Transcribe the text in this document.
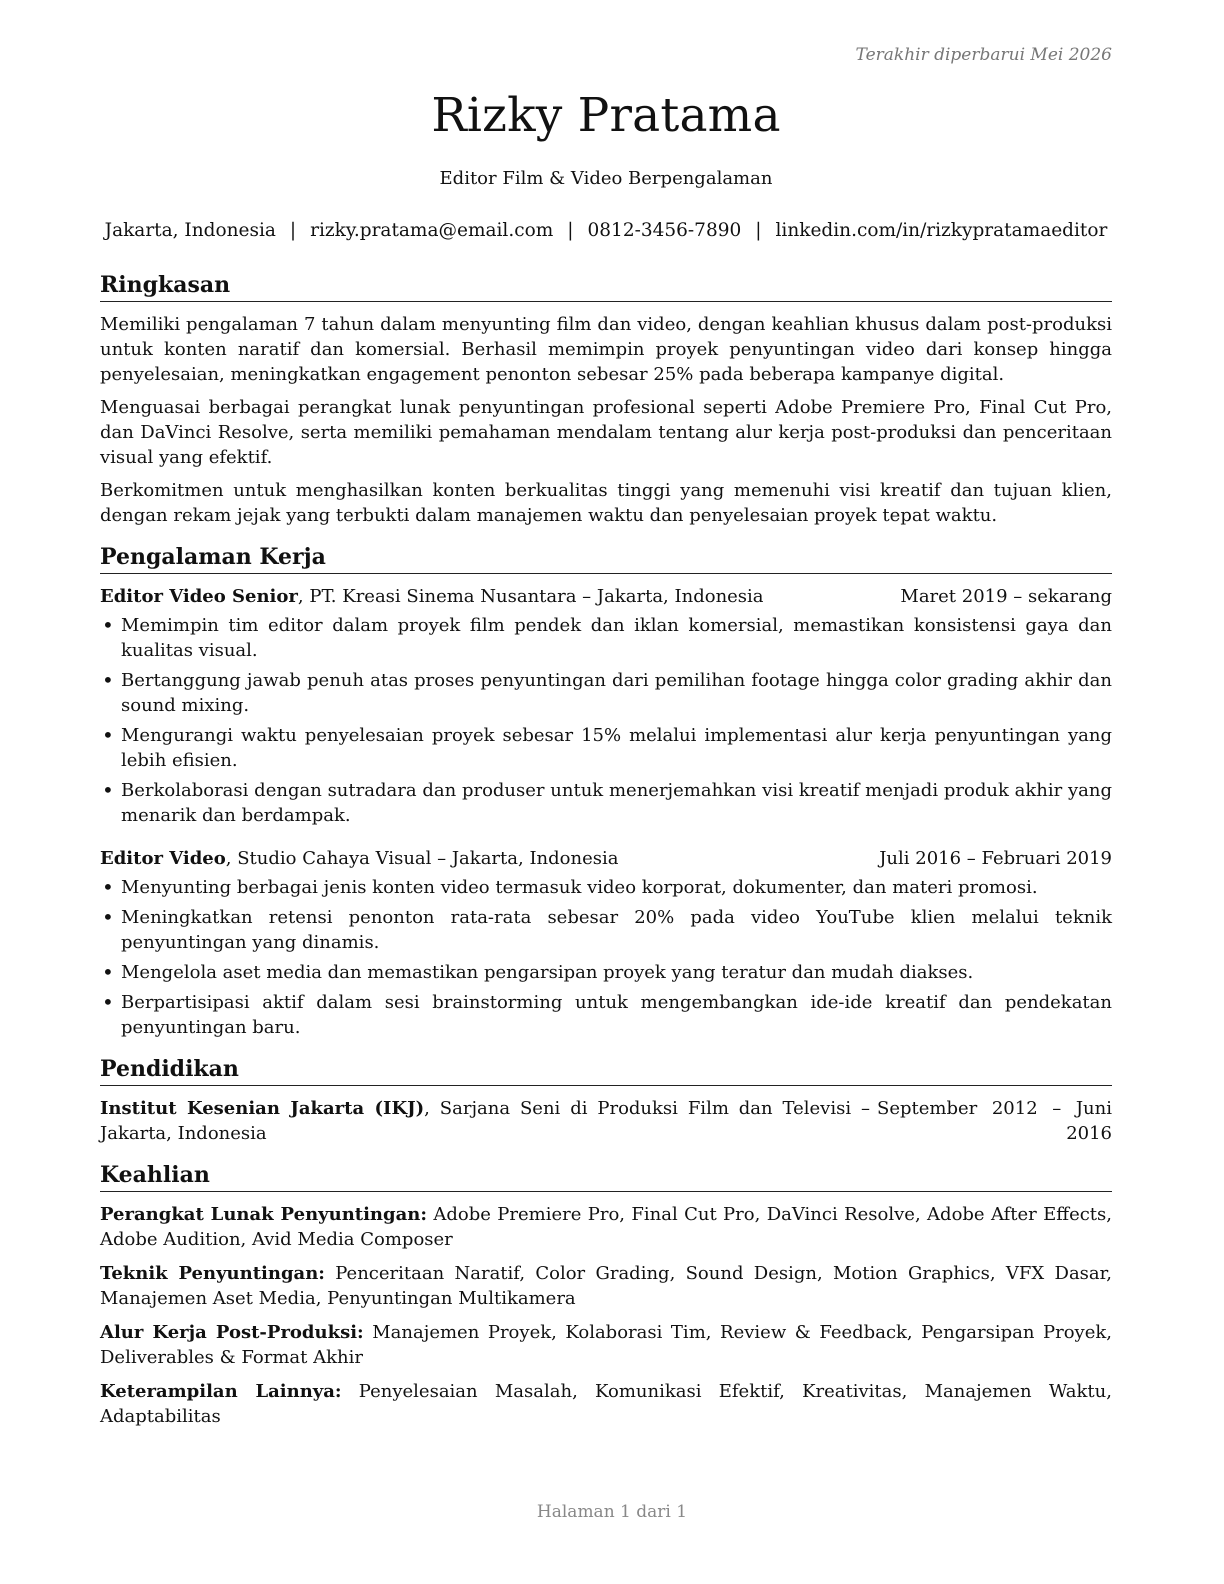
Terakhir diperbarui Mei 2026
Rizky Pratama
Editor Film & Video Berpengalaman
Jakarta, Indonesia | rizky.pratama@email.com | 0812-3456-7890 | linkedin.com/in/rizkypratamaeditor
Ringkasan

Memiliki pengalaman 7 tahun dalam menyunting film dan video, dengan keahlian khusus dalam post-produksi untuk konten naratif dan komersial. Berhasil memimpin proyek penyuntingan video dari konsep hingga penyelesaian, meningkatkan engagement penonton sebesar 25% pada beberapa kampanye digital.

Menguasai berbagai perangkat lunak penyuntingan profesional seperti Adobe Premiere Pro, Final Cut Pro, dan DaVinci Resolve, serta memiliki pemahaman mendalam tentang alur kerja post-produksi dan penceritaan visual yang efektif.

Berkomitmen untuk menghasilkan konten berkualitas tinggi yang memenuhi visi kreatif dan tujuan klien, dengan rekam jejak yang terbukti dalam manajemen waktu dan penyelesaian proyek tepat waktu.

Pengalaman Kerja
Editor Video Senior, PT. Kreasi Sinema Nusantara – Jakarta, Indonesia	Maret 2019 – sekarang
• Memimpin tim editor dalam proyek film pendek dan iklan komersial, memastikan konsistensi gaya dan kualitas visual.
• Bertanggung jawab penuh atas proses penyuntingan dari pemilihan footage hingga color grading akhir dan sound mixing.
• Mengurangi waktu penyelesaian proyek sebesar 15% melalui implementasi alur kerja penyuntingan yang lebih efisien.
• Berkolaborasi dengan sutradara dan produser untuk menerjemahkan visi kreatif menjadi produk akhir yang menarik dan berdampak.
Editor Video, Studio Cahaya Visual – Jakarta, Indonesia	Juli 2016 – Februari 2019
• Menyunting berbagai jenis konten video termasuk video korporat, dokumenter, dan materi promosi.
• Meningkatkan retensi penonton rata-rata sebesar 20% pada video YouTube klien melalui teknik penyuntingan yang dinamis.
• Mengelola aset media dan memastikan pengarsipan proyek yang teratur dan mudah diakses.
• Berpartisipasi aktif dalam sesi brainstorming untuk mengembangkan ide-ide kreatif dan pendekatan penyuntingan baru.
Pendidikan
Institut Kesenian Jakarta (IKJ), Sarjana Seni di Produksi Film dan Televisi – Jakarta, Indonesia
September 2012 – Juni 2016
Keahlian

Perangkat Lunak Penyuntingan: Adobe Premiere Pro, Final Cut Pro, DaVinci Resolve, Adobe After Effects, Adobe Audition, Avid Media Composer

Teknik Penyuntingan: Penceritaan Naratif, Color Grading, Sound Design, Motion Graphics, VFX Dasar, Manajemen Aset Media, Penyuntingan Multikamera

Alur Kerja Post-Produksi: Manajemen Proyek, Kolaborasi Tim, Review & Feedback, Pengarsipan Proyek, Deliverables & Format Akhir

Keterampilan Lainnya: Penyelesaian Masalah, Komunikasi Efektif, Kreativitas, Manajemen Waktu, Adaptabilitas

Halaman 1 dari 1
